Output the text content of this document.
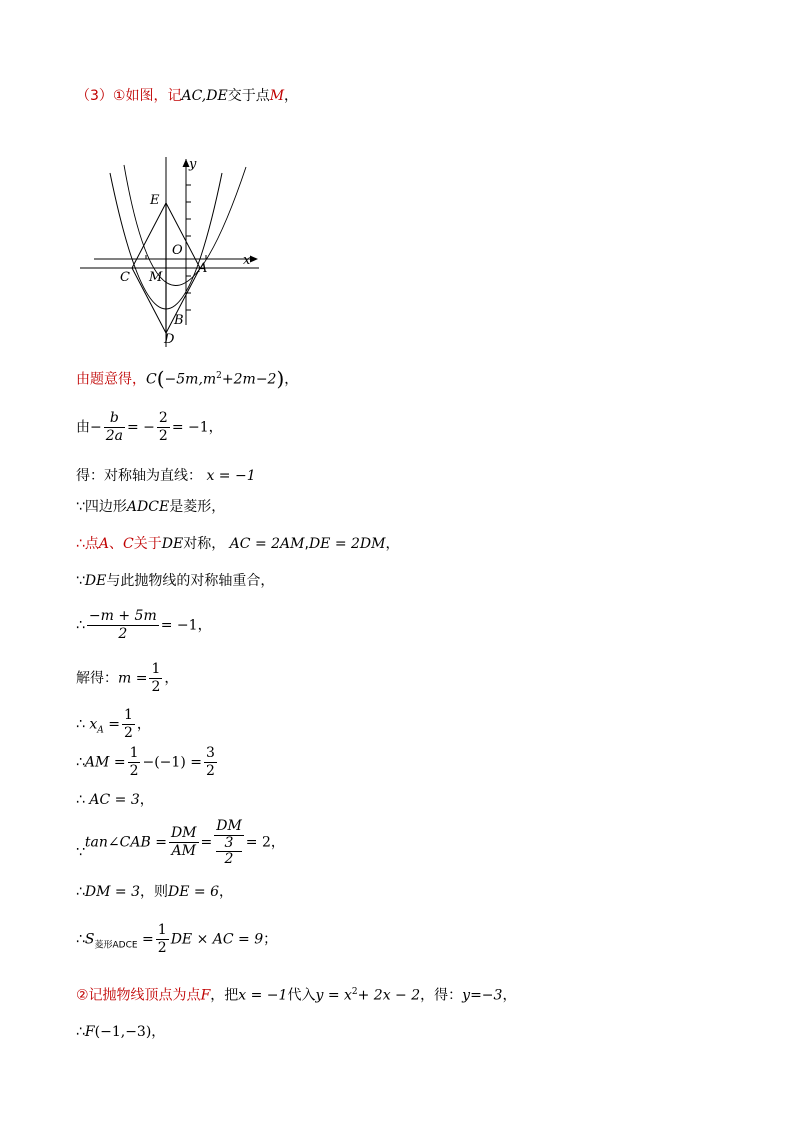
（3）①如图，记AC,DE交于点M，
y
x
E
O
C M
A
B
D
由题意得，$C(-5m,m^2+2m-2)$，
由− $\frac{b}{2a}$ = − $\frac{2}{2} = -1$，
得：对称轴为直线： x = −1
∵四边形ADCE是菱形，
∴点A、C关于DE对称， AC = 2AM,DE = 2DM，
∵DE与此抛物线的对称轴重合，
∴ $\frac{-m + 5m}{2} = -1$，
解得：$m = \frac{1}{2}$ ，
∴ $x_A = \frac{1}{2}$ ，
∴AM = $\frac{1}{2} -(-1) = \frac{3}{2}$
∴ AC = 3，
∵tan∠CAB = $\frac{DM}{AM}$ = DM
3
2 = 2，
∴DM = 3，则DE = 6，
$\therefore S_{菱形ADCE} = \frac{1}{2}$ DE × AC = 9；
②记抛物线顶点为点F，把x = −1代入$y = x^2+ 2x - 2$，得：y=−3，
∴F(−1,−3)，
